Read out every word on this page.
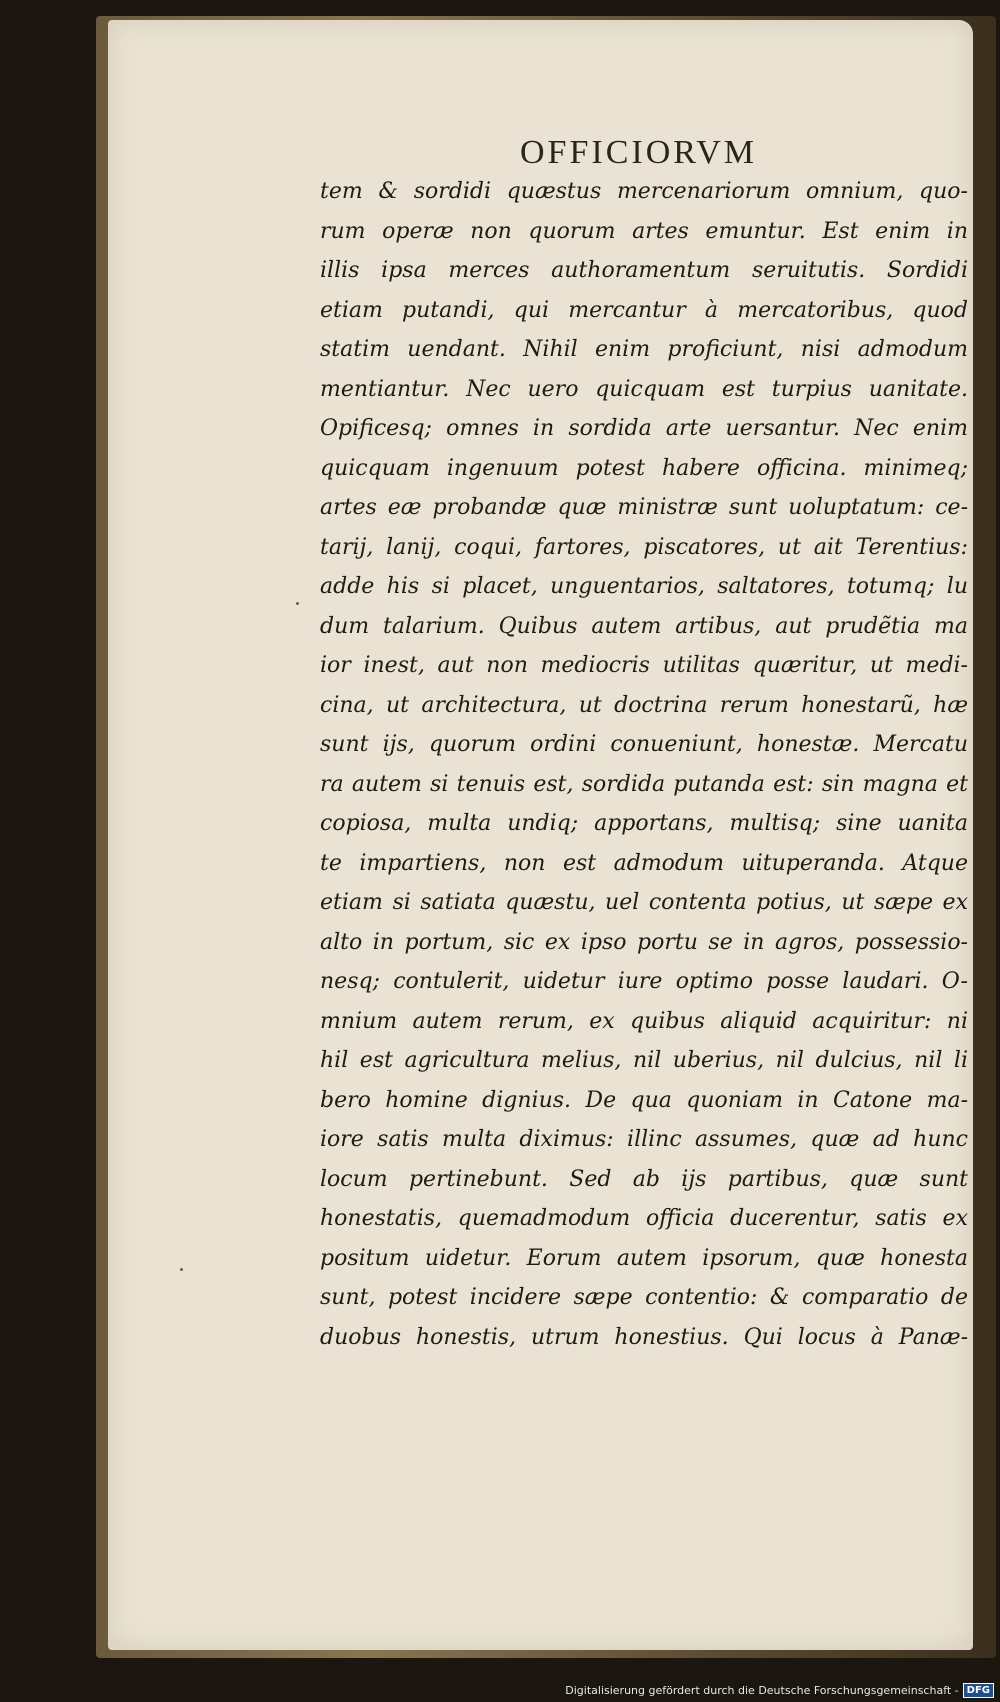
OFFICIORVM
tem & sordidi quæstus mercenariorum omnium, quo-
rum operæ non quorum artes emuntur. Est enim in
illis ipsa merces authoramentum seruitutis. Sordidi
etiam putandi, qui mercantur à mercatoribus, quod
statim uendant. Nihil enim proficiunt, nisi admodum
mentiantur. Nec uero quicquam est turpius uanitate.
Opificesq; omnes in sordida arte uersantur. Nec enim
quicquam ingenuum potest habere officina. minimeq;
artes eæ probandæ quæ ministræ sunt uoluptatum: ce-
tarij, lanij, coqui, fartores, piscatores, ut ait Terentius:
adde his si placet, unguentarios, saltatores, totumq; lu
dum talarium. Quibus autem artibus, aut prudẽtia ma
ior inest, aut non mediocris utilitas quæritur, ut medi-
cina, ut architectura, ut doctrina rerum honestarũ, hæ
sunt ijs, quorum ordini conueniunt, honestæ. Mercatu
ra autem si tenuis est, sordida putanda est: sin magna et
copiosa, multa undiq; apportans, multisq; sine uanita
te impartiens, non est admodum uituperanda. Atque
etiam si satiata quæstu, uel contenta potius, ut sæpe ex
alto in portum, sic ex ipso portu se in agros, possessio-
nesq; contulerit, uidetur iure optimo posse laudari. O-
mnium autem rerum, ex quibus aliquid acquiritur: ni
hil est agricultura melius, nil uberius, nil dulcius, nil li
bero homine dignius. De qua quoniam in Catone ma-
iore satis multa diximus: illinc assumes, quæ ad hunc
locum pertinebunt. Sed ab ijs partibus, quæ sunt
honestatis, quemadmodum officia ducerentur, satis ex
positum uidetur. Eorum autem ipsorum, quæ honesta
sunt, potest incidere sæpe contentio: & comparatio de
duobus honestis, utrum honestius. Qui locus à Panæ-
Digitalisierung gefördert durch die Deutsche Forschungsgemeinschaft - DFG
